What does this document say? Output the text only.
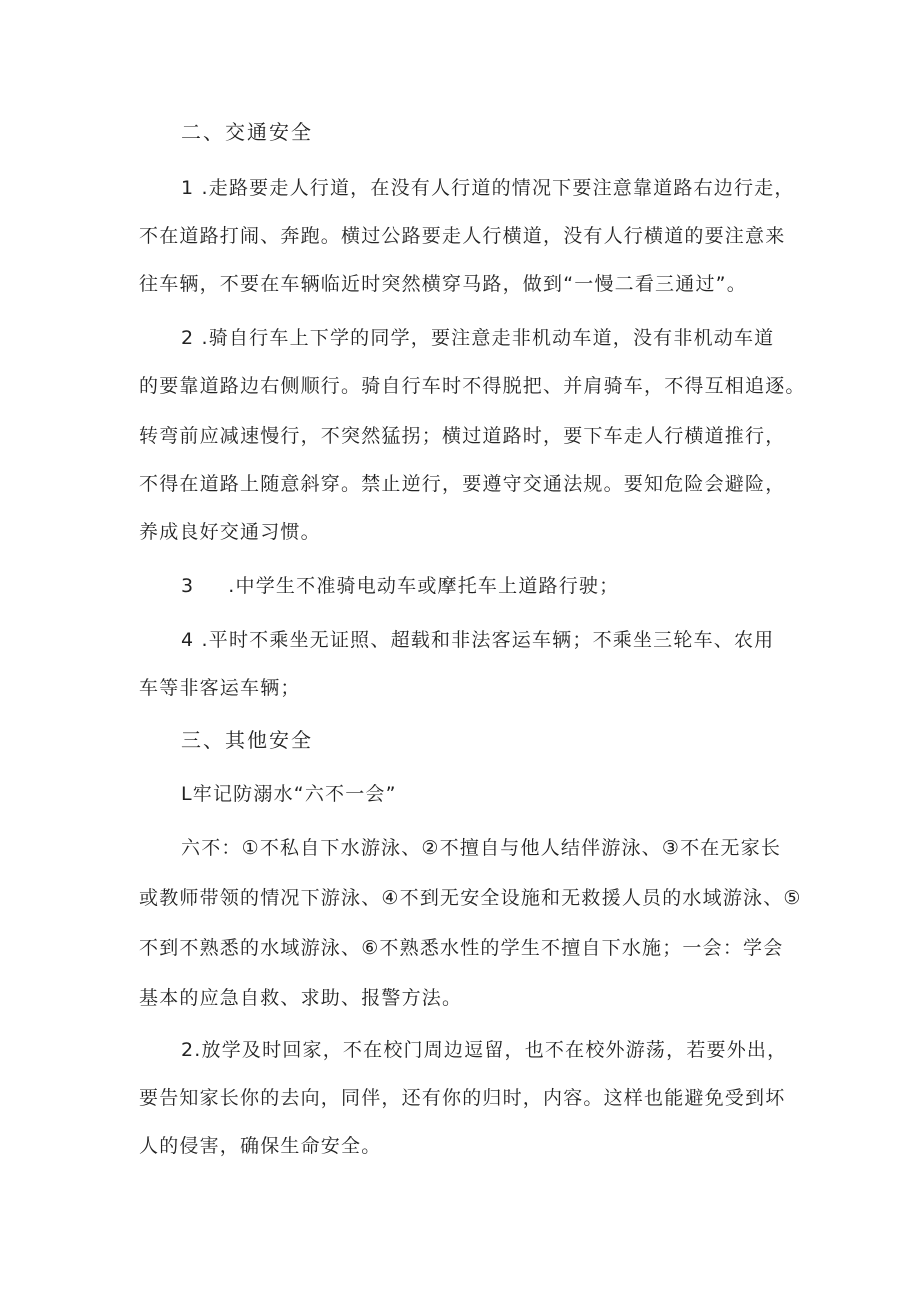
二、交通安全
1 .走路要走人行道，在没有人行道的情况下要注意靠道路右边行走，
不在道路打闹、奔跑。横过公路要走人行横道，没有人行横道的要注意来
往车辆，不要在车辆临近时突然横穿马路，做到“一慢二看三通过”。
2 .骑自行车上下学的同学，要注意走非机动车道，没有非机动车道
的要靠道路边右侧顺行。骑自行车时不得脱把、并肩骑车，不得互相追逐。
转弯前应减速慢行，不突然猛拐；横过道路时，要下车走人行横道推行，
不得在道路上随意斜穿。禁止逆行，要遵守交通法规。要知危险会避险，
养成良好交通习惯。
3 .中学生不准骑电动车或摩托车上道路行驶；
4 .平时不乘坐无证照、超载和非法客运车辆；不乘坐三轮车、农用
车等非客运车辆；
三、其他安全
L牢记防溺水“六不一会”
六不：①不私自下水游泳、②不擅自与他人结伴游泳、③不在无家长
或教师带领的情况下游泳、④不到无安全设施和无救援人员的水域游泳、⑤
不到不熟悉的水域游泳、⑥不熟悉水性的学生不擅自下水施；一会：学会
基本的应急自救、求助、报警方法。
2.放学及时回家，不在校门周边逗留，也不在校外游荡，若要外出，
要告知家长你的去向，同伴，还有你的归时，内容。这样也能避免受到坏
人的侵害，确保生命安全。
